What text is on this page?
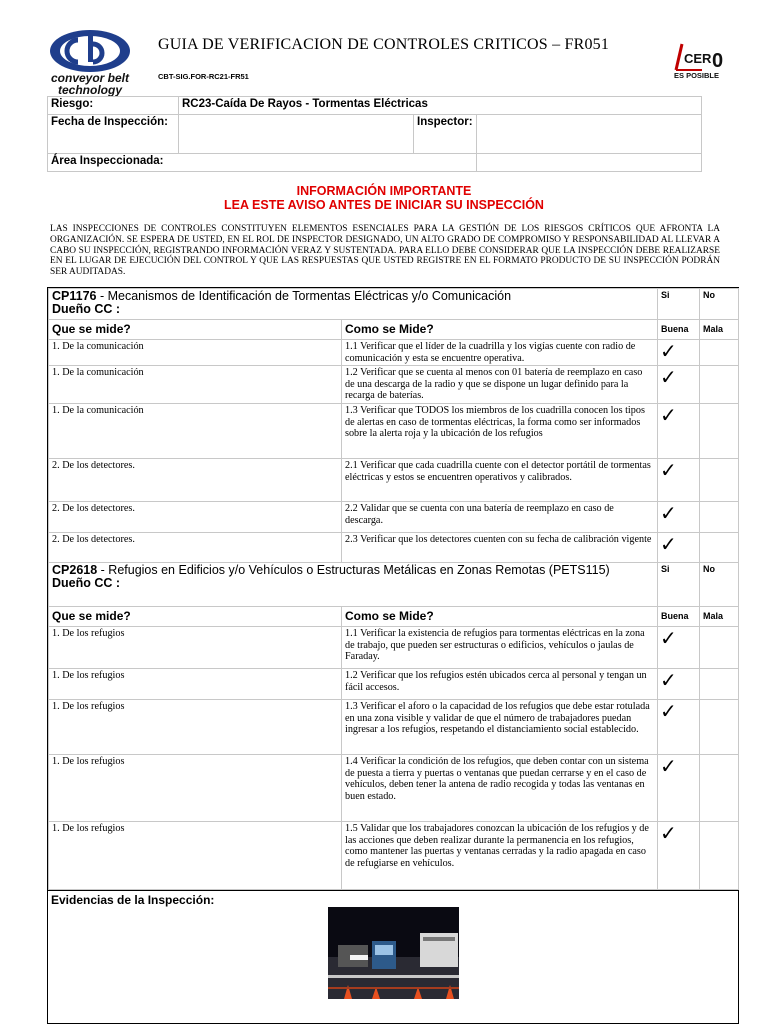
conveyor belt
technology
GUIA DE VERIFICACION DE CONTROLES CRITICOS – FR051
CBT-SIG.FOR-RC21-FR51
CER 0
ES POSIBLE
Riesgo:	RC23-Caída De Rayos - Tormentas Eléctricas		
Fecha de Inspección:		Inspector:	
Área Inspeccionada:			
INFORMACIÓN IMPORTANTE
LEA ESTE AVISO ANTES DE INICIAR SU INSPECCIÓN
LAS INSPECCIONES DE CONTROLES CONSTITUYEN ELEMENTOS ESENCIALES PARA LA GESTIÓN DE LOS RIESGOS CRÍTICOS QUE AFRONTA LA ORGANIZACIÓN. SE ESPERA DE USTED, EN EL ROL DE INSPECTOR DESIGNADO, UN ALTO GRADO DE COMPROMISO Y RESPONSABILIDAD AL LLEVAR A CABO SU INSPECCIÓN, REGISTRANDO INFORMACIÓN VERAZ Y SUSTENTADA. PARA ELLO DEBE CONSIDERAR QUE LA INSPECCIÓN DEBE REALIZARSE EN EL LUGAR DE EJECUCIÓN DEL CONTROL Y QUE LAS RESPUESTAS QUE USTED REGISTRE EN EL FORMATO PRODUCTO DE SU INSPECCIÓN PODRÁN SER AUDITADAS.
CP1176 - Mecanismos de Identificación de Tormentas Eléctricas y/o Comunicación
Dueño CC :		Si	No
Que se mide?	Como se Mide?	Buena	Mala
1. De la comunicación	1.1 Verificar que el líder de la cuadrilla y los vigías cuente con radio de comunicación y esta se encuentre operativa.	✓	
1. De la comunicación	1.2 Verificar que se cuenta al menos con 01 batería de reemplazo en caso de una descarga de la radio y que se dispone un lugar definido para la recarga de baterías.	✓	
1. De la comunicación	1.3 Verificar que TODOS los miembros de los cuadrilla conocen los tipos de alertas en caso de tormentas eléctricas, la forma como ser informados sobre la alerta roja y la ubicación de los refugios	✓	
2. De los detectores.	2.1 Verificar que cada cuadrilla cuente con el detector portátil de tormentas eléctricas y estos se encuentren operativos y calibrados.	✓	
2. De los detectores.	2.2 Validar que se cuenta con una batería de reemplazo en caso de descarga.	✓	
2. De los detectores.	2.3 Verificar que los detectores cuenten con su fecha de calibración vigente	✓	
CP2618 - Refugios en Edificios y/o Vehículos o Estructuras Metálicas en Zonas Remotas (PETS115)
Dueño CC :		Si	No
Que se mide?	Como se Mide?	Buena	Mala
1. De los refugios	1.1 Verificar la existencia de refugios para tormentas eléctricas en la zona de trabajo, que pueden ser estructuras o edificios, vehículos o jaulas de Faraday.	✓	
1. De los refugios	1.2 Verificar que los refugios estén ubicados cerca al personal y tengan un fácil accesos.	✓	
1. De los refugios	1.3 Verificar el aforo o la capacidad de los refugios que debe estar rotulada en una zona visible y validar de que el número de trabajadores puedan ingresar a los refugios, respetando el distanciamiento social establecido.	✓	
1. De los refugios	1.4 Verificar la condición de los refugios, que deben contar con un sistema de puesta a tierra y puertas o ventanas que puedan cerrarse y en el caso de vehículos, deben tener la antena de radio recogida y todas las ventanas en buen estado.	✓	
1. De los refugios	1.5 Validar que los trabajadores conozcan la ubicación de los refugios y de las acciones que deben realizar durante la permanencia en los refugios, como mantener las puertas y ventanas cerradas y la radio apagada en caso de refugiarse en vehículos.	✓	
Evidencias de la Inspección:
